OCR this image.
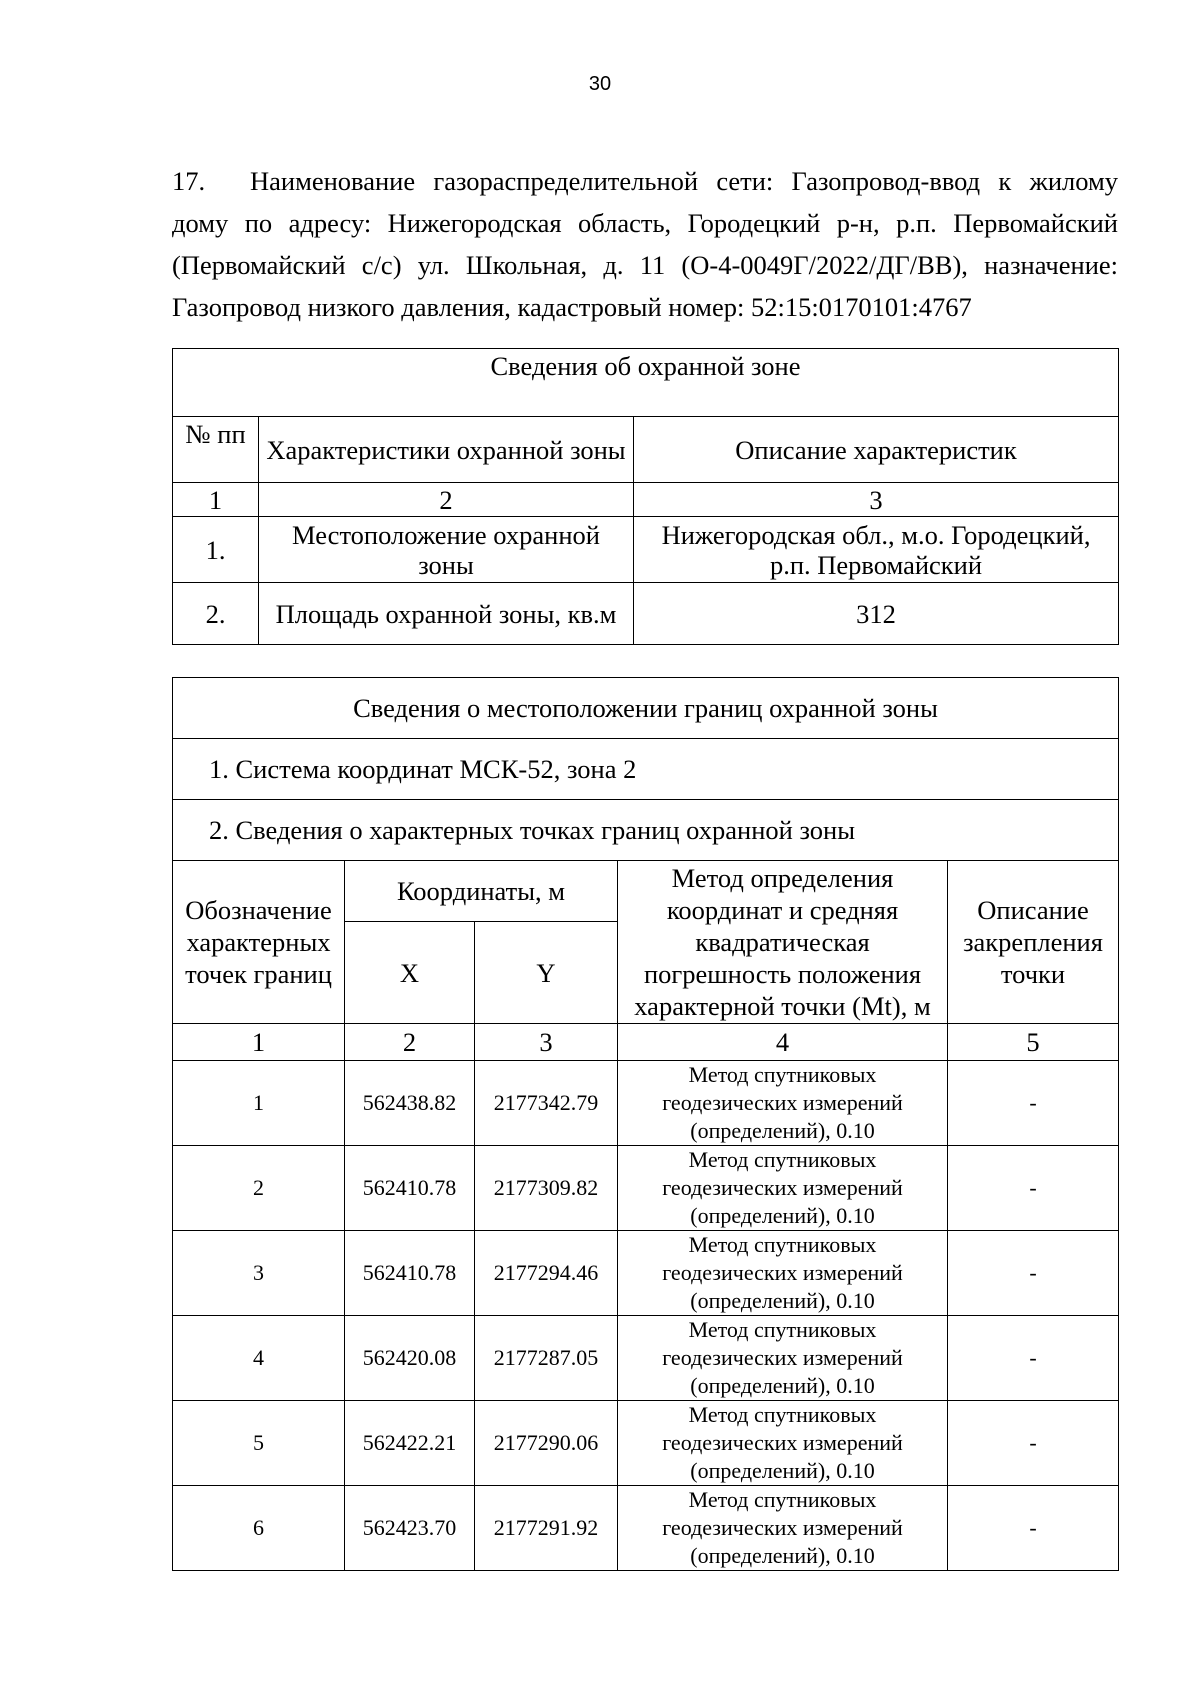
30
17. Наименование газораспределительной сети: Газопровод-ввод к жилому дому по адресу: Нижегородская область, Городецкий р-н, р.п. Первомайский (Первомайский с/с) ул. Школьная, д. 11 (О-4-0049Г/2022/ДГ/ВВ), назначение: Газопровод низкого давления, кадастровый номер: 52:15:0170101:4767
Сведения об охранной зоне		
№ пп	Характеристики охранной зоны	Описание характеристик
1	2	3
1.	Местоположение охранной зоны	Нижегородская обл., м.о. Городецкий, р.п. Первомайский
2.	Площадь охранной зоны, кв.м	312
Сведения о местоположении границ охранной зоны				
1. Система координат МСК-52, зона 2				
2. Сведения о характерных точках границ охранной зоны				
Обозначение характерных точек границ	Координаты, м		Метод определения координат и средняя квадратическая погрешность положения характерной точки (Mt), м	Описание закрепления точки
	X	Y		
1	2	3	4	5
1	562438.82	2177342.79	Метод спутниковых геодезических измерений (определений), 0.10	-
2	562410.78	2177309.82	Метод спутниковых геодезических измерений (определений), 0.10	-
3	562410.78	2177294.46	Метод спутниковых геодезических измерений (определений), 0.10	-
4	562420.08	2177287.05	Метод спутниковых геодезических измерений (определений), 0.10	-
5	562422.21	2177290.06	Метод спутниковых геодезических измерений (определений), 0.10	-
6	562423.70	2177291.92	Метод спутниковых геодезических измерений (определений), 0.10	-
